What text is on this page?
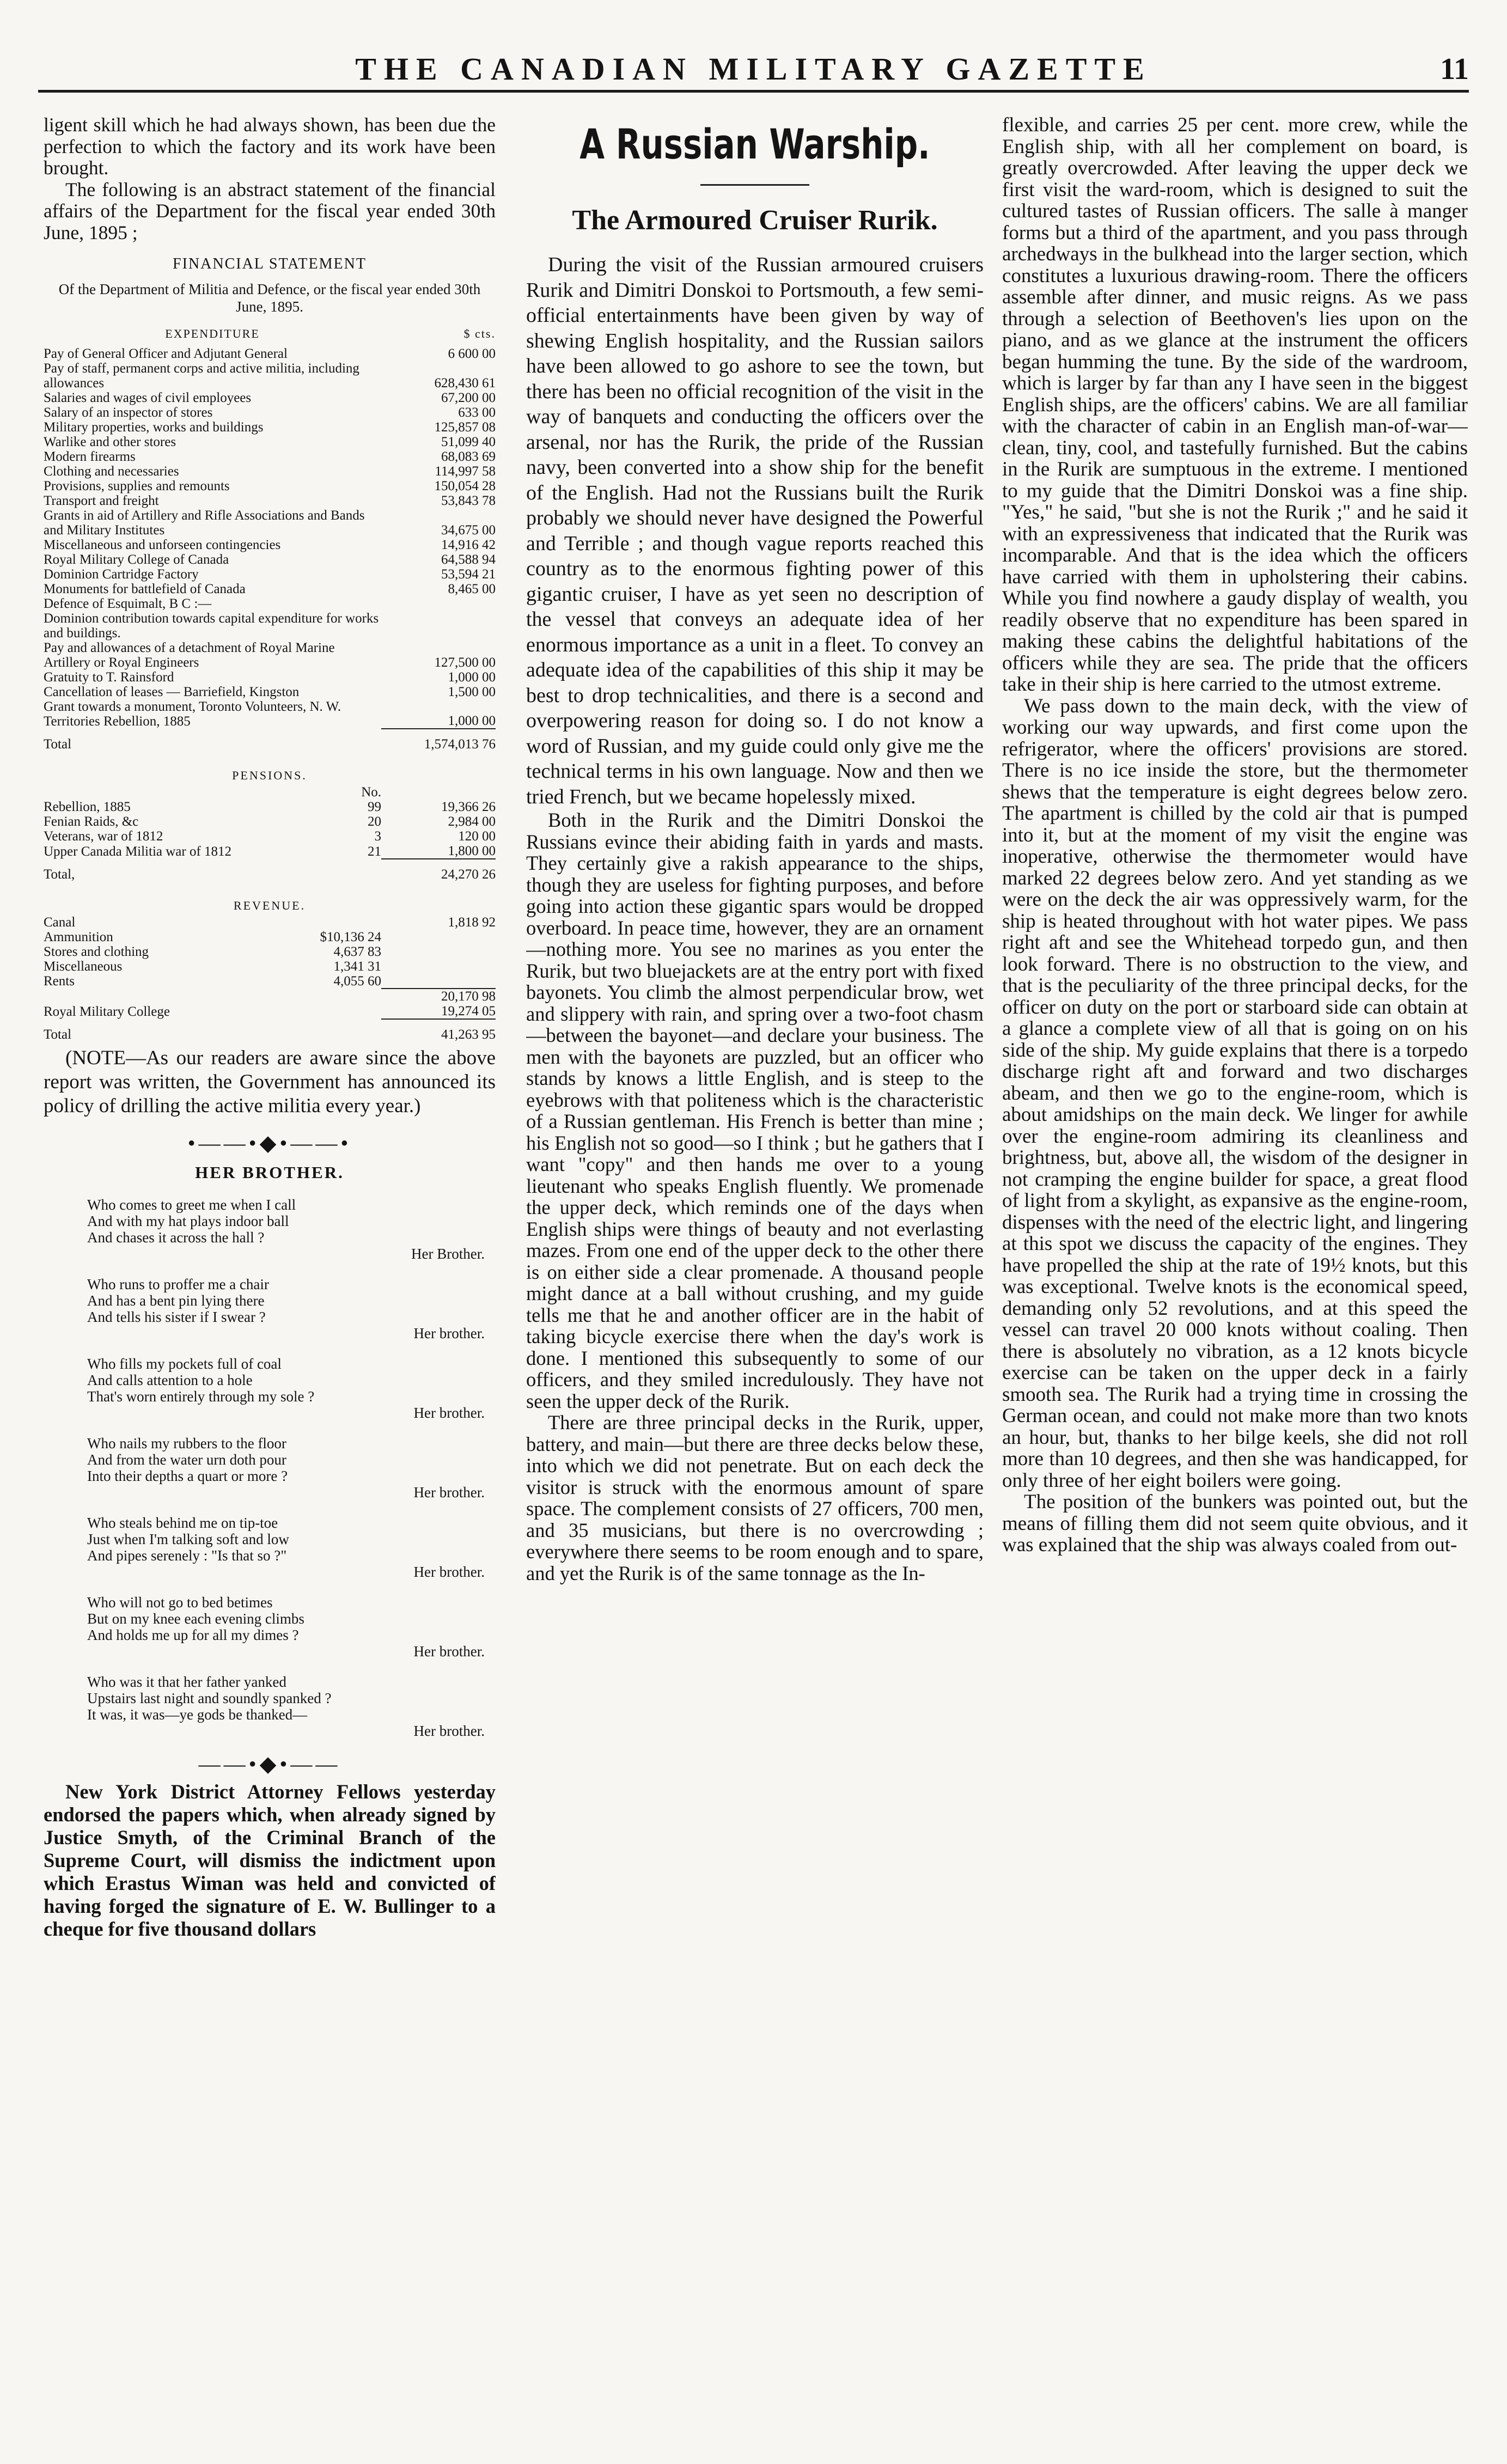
THE CANADIAN MILITARY GAZETTE	11

ligent skill which he had always shown, has been due the perfection to which the factory and its work have been brought.

The following is an abstract statement of the financial affairs of the Department for the fiscal year ended 30th June, 1895 ;

FINANCIAL STATEMENT
Of the Department of Militia and Defence, or the fiscal year ended 30th June, 1895.
EXPENDITURE	$ cts.
Pay of General Officer and Adjutant General	6 600 00
Pay of staff, permanent corps and active militia, including allowances	628,430 61
Salaries and wages of civil employees	67,200 00
Salary of an inspector of stores	633 00
Military properties, works and buildings	125,857 08
Warlike and other stores	51,099 40
Modern firearms	68,083 69
Clothing and necessaries	114,997 58
Provisions, supplies and remounts	150,054 28
Transport and freight	53,843 78
Grants in aid of Artillery and Rifle Associations and Bands and Military Institutes	34,675 00
Miscellaneous and unforseen contingencies	14,916 42
Royal Military College of Canada	64,588 94
Dominion Cartridge Factory	53,594 21
Monuments for battlefield of Canada	8,465 00
Defence of Esquimalt, B C :—	
Dominion contribution towards capital expenditure for works and buildings.	
Pay and allowances of a detachment of Royal Marine Artillery or Royal Engineers	127,500 00
Gratuity to T. Rainsford	1,000 00
Cancellation of leases — Barriefield, Kingston	1,500 00
Grant towards a monument, Toronto Volunteers, N. W. Territories Rebellion, 1885	1,000 00
Total	1,574,013 76
PENSIONS.		
	No.	
Rebellion, 1885	99	19,366 26
Fenian Raids, &c	20	2,984 00
Veterans, war of 1812	3	120 00
Upper Canada Militia war of 1812	21	1,800 00
Total,		24,270 26
REVENUE.		
Canal		1,818 92
Ammunition	$10,136 24	
Stores and clothing	4,637 83	
Miscellaneous	1,341 31	
Rents	4,055 60	
		20,170 98
Royal Military College		19,274 05
Total		41,263 95

(NOTE—As our readers are aware since the above report was written, the Government has announced its policy of drilling the active militia every year.)

•——•◆•——•
HER BROTHER.
Who comes to greet me when I call
And with my hat plays indoor ball
And chases it across the hall ?
Her Brother.
Who runs to proffer me a chair
And has a bent pin lying there
And tells his sister if I swear ?
Her brother.
Who fills my pockets full of coal
And calls attention to a hole
That's worn entirely through my sole ?
Her brother.
Who nails my rubbers to the floor
And from the water urn doth pour
Into their depths a quart or more ?
Her brother.
Who steals behind me on tip-toe
Just when I'm talking soft and low
And pipes serenely : "Is that so ?"
Her brother.
Who will not go to bed betimes
But on my knee each evening climbs
And holds me up for all my dimes ?
Her brother.
Who was it that her father yanked
Upstairs last night and soundly spanked ?
It was, it was—ye gods be thanked—
Her brother.
——•◆•——

New York District Attorney Fellows yesterday endorsed the papers which, when already signed by Justice Smyth, of the Criminal Branch of the Supreme Court, will dismiss the indictment upon which Erastus Wiman was held and convicted of having forged the signature of E. W. Bullinger to a cheque for five thousand dollars

A Russian Warship.
The Armoured Cruiser Rurik.

During the visit of the Russian armoured cruisers Rurik and Dimitri Donskoi to Portsmouth, a few semi-official entertainments have been given by way of shewing English hospitality, and the Russian sailors have been allowed to go ashore to see the town, but there has been no official recognition of the visit in the way of banquets and conducting the officers over the arsenal, nor has the Rurik, the pride of the Russian navy, been converted into a show ship for the benefit of the English. Had not the Russians built the Rurik probably we should never have designed the Powerful and Terrible ; and though vague reports reached this country as to the enormous fighting power of this gigantic cruiser, I have as yet seen no description of the vessel that conveys an adequate idea of her enormous importance as a unit in a fleet. To convey an adequate idea of the capabilities of this ship it may be best to drop technicalities, and there is a second and overpowering reason for doing so. I do not know a word of Russian, and my guide could only give me the technical terms in his own language. Now and then we tried French, but we became hopelessly mixed.

Both in the Rurik and the Dimitri Donskoi the Russians evince their abiding faith in yards and masts. They certainly give a rakish appearance to the ships, though they are useless for fighting purposes, and before going into action these gigantic spars would be dropped overboard. In peace time, however, they are an ornament—nothing more. You see no marines as you enter the Rurik, but two bluejackets are at the entry port with fixed bayonets. You climb the almost perpendicular brow, wet and slippery with rain, and spring over a two-foot chasm—between the bayonet—and declare your business. The men with the bayonets are puzzled, but an officer who stands by knows a little English, and is steep to the eyebrows with that politeness which is the characteristic of a Russian gentleman. His French is better than mine ; his English not so good—so I think ; but he gathers that I want "copy" and then hands me over to a young lieutenant who speaks English fluently. We promenade the upper deck, which reminds one of the days when English ships were things of beauty and not everlasting mazes. From one end of the upper deck to the other there is on either side a clear promenade. A thousand people might dance at a ball without crushing, and my guide tells me that he and another officer are in the habit of taking bicycle exercise there when the day's work is done. I mentioned this subsequently to some of our officers, and they smiled incredulously. They have not seen the upper deck of the Rurik.

There are three principal decks in the Rurik, upper, battery, and main—but there are three decks below these, into which we did not penetrate. But on each deck the visitor is struck with the enormous amount of spare space. The complement consists of 27 officers, 700 men, and 35 musicians, but there is no overcrowding ; everywhere there seems to be room enough and to spare, and yet the Rurik is of the same tonnage as the In-

flexible, and carries 25 per cent. more crew, while the English ship, with all her complement on board, is greatly overcrowded. After leaving the upper deck we first visit the ward-room, which is designed to suit the cultured tastes of Russian officers. The salle à manger forms but a third of the apartment, and you pass through archedways in the bulkhead into the larger section, which constitutes a luxurious drawing-room. There the officers assemble after dinner, and music reigns. As we pass through a selection of Beethoven's lies upon on the piano, and as we glance at the instrument the officers began humming the tune. By the side of the wardroom, which is larger by far than any I have seen in the biggest English ships, are the officers' cabins. We are all familiar with the character of cabin in an English man-of-war—clean, tiny, cool, and tastefully furnished. But the cabins in the Rurik are sumptuous in the extreme. I mentioned to my guide that the Dimitri Donskoi was a fine ship. "Yes," he said, "but she is not the Rurik ;" and he said it with an expressiveness that indicated that the Rurik was incomparable. And that is the idea which the officers have carried with them in upholstering their cabins. While you find nowhere a gaudy display of wealth, you readily observe that no expenditure has been spared in making these cabins the delightful habitations of the officers while they are sea. The pride that the officers take in their ship is here carried to the utmost extreme.

We pass down to the main deck, with the view of working our way upwards, and first come upon the refrigerator, where the officers' provisions are stored. There is no ice inside the store, but the thermometer shews that the temperature is eight degrees below zero. The apartment is chilled by the cold air that is pumped into it, but at the moment of my visit the engine was inoperative, otherwise the thermometer would have marked 22 degrees below zero. And yet standing as we were on the deck the air was oppressively warm, for the ship is heated throughout with hot water pipes. We pass right aft and see the Whitehead torpedo gun, and then look forward. There is no obstruction to the view, and that is the peculiarity of the three principal decks, for the officer on duty on the port or starboard side can obtain at a glance a complete view of all that is going on on his side of the ship. My guide explains that there is a torpedo discharge right aft and forward and two discharges abeam, and then we go to the engine-room, which is about amidships on the main deck. We linger for awhile over the engine-room admiring its cleanliness and brightness, but, above all, the wisdom of the designer in not cramping the engine builder for space, a great flood of light from a skylight, as expansive as the engine-room, dispenses with the need of the electric light, and lingering at this spot we discuss the capacity of the engines. They have propelled the ship at the rate of 19½ knots, but this was exceptional. Twelve knots is the economical speed, demanding only 52 revolutions, and at this speed the vessel can travel 20 000 knots without coaling. Then there is absolutely no vibration, as a 12 knots bicycle exercise can be taken on the upper deck in a fairly smooth sea. The Rurik had a trying time in crossing the German ocean, and could not make more than two knots an hour, but, thanks to her bilge keels, she did not roll more than 10 degrees, and then she was handicapped, for only three of her eight boilers were going.

The position of the bunkers was pointed out, but the means of filling them did not seem quite obvious, and it was explained that the ship was always coaled from out-
